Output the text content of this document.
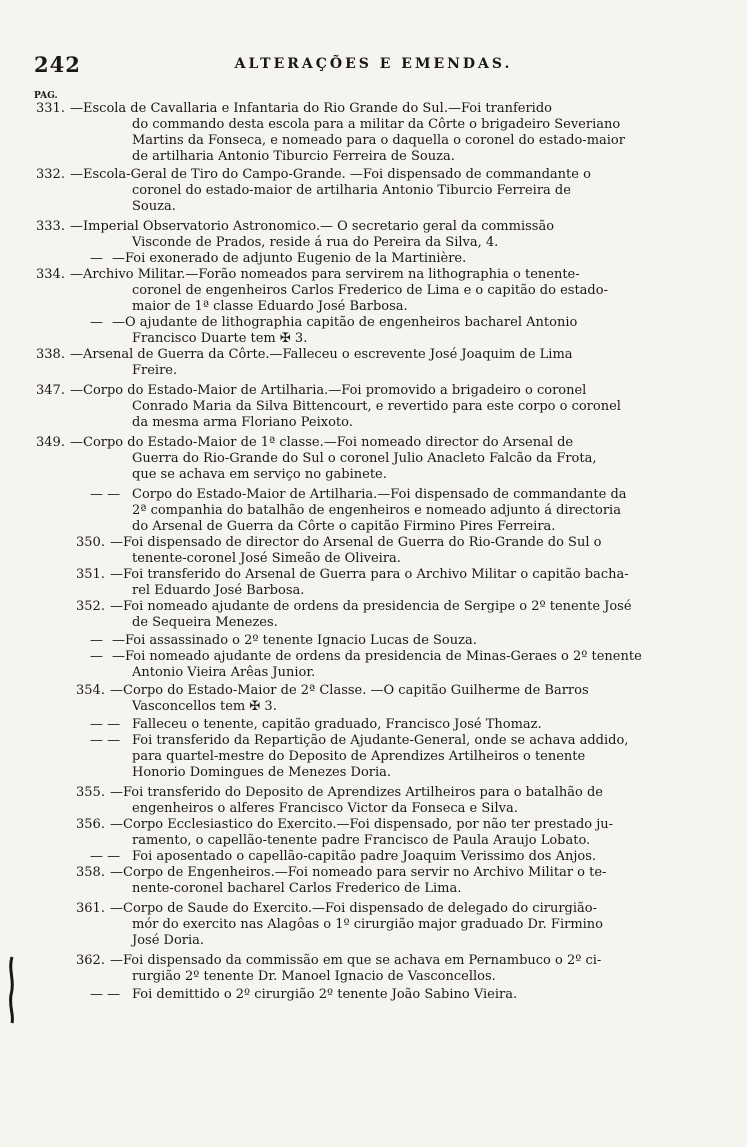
242	ALTERAÇÕES E EMENDAS.
PAG.
331. —Escola de Cavallaria e Infantaria do Rio Grande do Sul.—Foi tranferido
do commando desta escola para a militar da Côrte o brigadeiro Severiano
Martins da Fonseca, e nomeado para o daquella o coronel do estado-maior
de artilharia Antonio Tiburcio Ferreira de Souza.
332. —Escola-Geral de Tiro do Campo-Grande. —Foi dispensado de commandante o
coronel do estado-maior de artilharia Antonio Tiburcio Ferreira de
Souza.
333. —Imperial Observatorio Astronomico.— O secretario geral da commissão
Visconde de Prados, reside á rua do Pereira da Silva, 4.
— —Foi exonerado de adjunto Eugenio de la Martinière.
334. —Archivo Militar.—Forão nomeados para servirem na lithographia o tenente-
coronel de engenheiros Carlos Frederico de Lima e o capitão do estado-
maior de 1ª classe Eduardo José Barbosa.
— —O ajudante de lithographia capitão de engenheiros bacharel Antonio
Francisco Duarte tem ✠ 3.
338. —Arsenal de Guerra da Côrte.—Falleceu o escrevente José Joaquim de Lima
Freire.
347. —Corpo do Estado-Maior de Artilharia.—Foi promovido a brigadeiro o coronel
Conrado Maria da Silva Bittencourt, e revertido para este corpo o coronel
da mesma arma Floriano Peixoto.
349. —Corpo do Estado-Maior de 1ª classe.—Foi nomeado director do Arsenal de
Guerra do Rio-Grande do Sul o coronel Julio Anacleto Falcão da Frota,
que se achava em serviço no gabinete.
— — Corpo do Estado-Maior de Artilharia.—Foi dispensado de commandante da
2ª companhia do batalhão de engenheiros e nomeado adjunto á directoria
do Arsenal de Guerra da Côrte o capitão Firmino Pires Ferreira.
350. —Foi dispensado de director do Arsenal de Guerra do Rio-Grande do Sul o
tenente-coronel José Simeão de Oliveira.
351. —Foi transferido do Arsenal de Guerra para o Archivo Militar o capitão bacha-
rel Eduardo José Barbosa.
352. —Foi nomeado ajudante de ordens da presidencia de Sergipe o 2º tenente José
de Sequeira Menezes.
— —Foi assassinado o 2º tenente Ignacio Lucas de Souza.
— —Foi nomeado ajudante de ordens da presidencia de Minas-Geraes o 2º tenente
Antonio Vieira Arêas Junior.
354. —Corpo do Estado-Maior de 2ª Classe. —O capitão Guilherme de Barros
Vasconcellos tem ✠ 3.
— — Falleceu o tenente, capitão graduado, Francisco José Thomaz.
— — Foi transferido da Repartição de Ajudante-General, onde se achava addido,
para quartel-mestre do Deposito de Aprendizes Artilheiros o tenente
Honorio Domingues de Menezes Doria.
355. —Foi transferido do Deposito de Aprendizes Artilheiros para o batalhão de
engenheiros o alferes Francisco Victor da Fonseca e Silva.
356. —Corpo Ecclesiastico do Exercito.—Foi dispensado, por não ter prestado ju-
ramento, o capellão-tenente padre Francisco de Paula Araujo Lobato.
— — Foi aposentado o capellão-capitão padre Joaquim Verissimo dos Anjos.
358. —Corpo de Engenheiros.—Foi nomeado para servir no Archivo Militar o te-
nente-coronel bacharel Carlos Frederico de Lima.
361. —Corpo de Saude do Exercito.—Foi dispensado de delegado do cirurgião-
mór do exercito nas Alagôas o 1º cirurgião major graduado Dr. Firmino
José Doria.
362. —Foi dispensado da commissão em que se achava em Pernambuco o 2º ci-
rurgião 2º tenente Dr. Manoel Ignacio de Vasconcellos.
— — Foi demittido o 2º cirurgião 2º tenente João Sabino Vieira.
